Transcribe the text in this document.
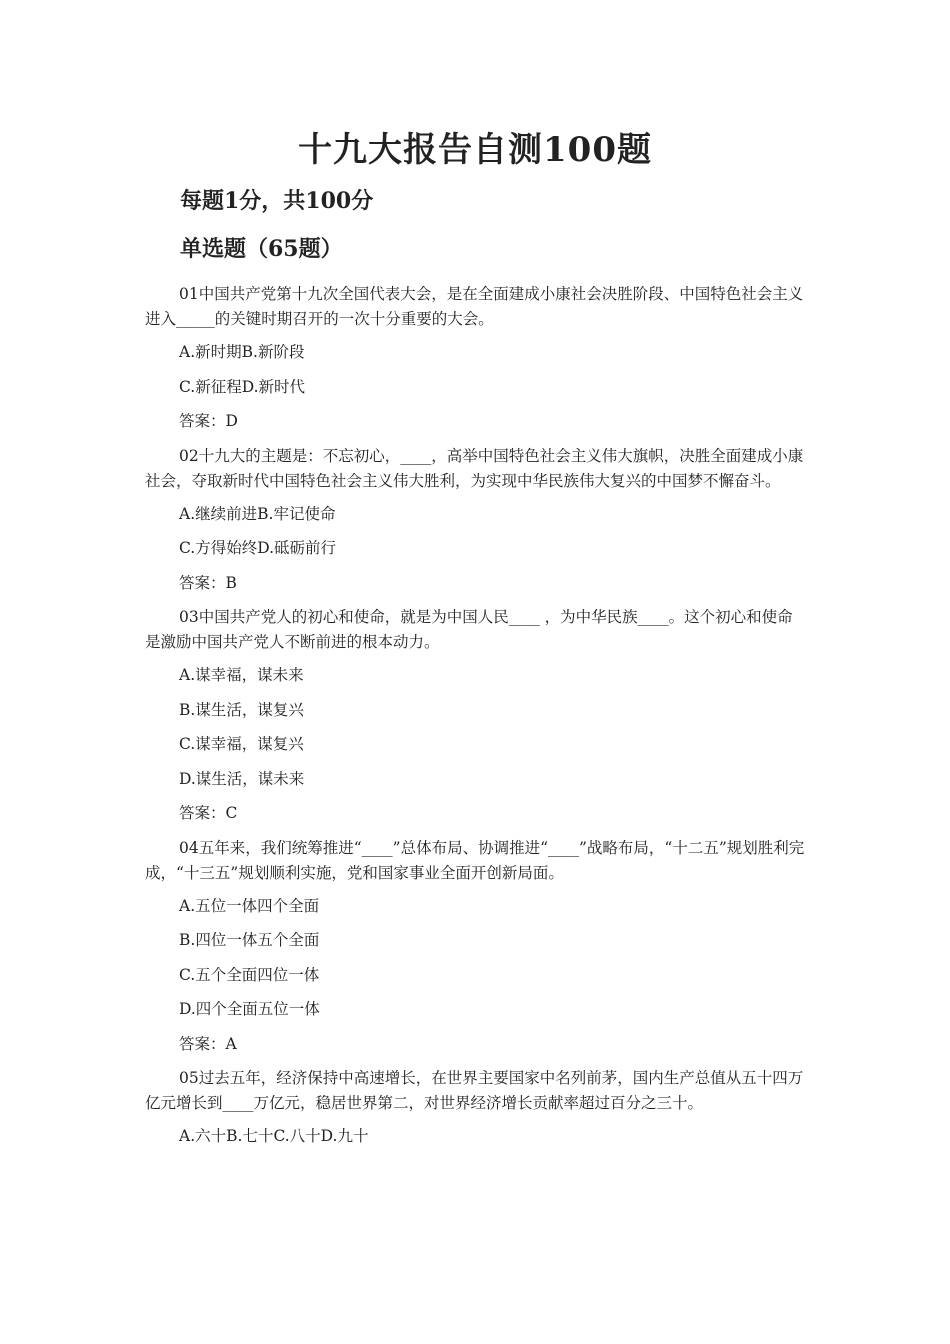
十九大报告自测100题
每题1分，共100分
单选题（65题）

01中国共产党第十九次全国代表大会，是在全面建成小康社会决胜阶段、中国特色社会主义进入_____的关键时期召开的一次十分重要的大会。

A.新时期B.新阶段

C.新征程D.新时代

答案：D

02十九大的主题是：不忘初心，____，高举中国特色社会主义伟大旗帜，决胜全面建成小康社会，夺取新时代中国特色社会主义伟大胜利，为实现中华民族伟大复兴的中国梦不懈奋斗。

A.继续前进B.牢记使命

C.方得始终D.砥砺前行

答案：B

03中国共产党人的初心和使命，就是为中国人民____ ，为中华民族____。这个初心和使命是激励中国共产党人不断前进的根本动力。

A.谋幸福，谋未来

B.谋生活，谋复兴

C.谋幸福，谋复兴

D.谋生活，谋未来

答案：C

04五年来，我们统筹推进“____”总体布局、协调推进“____”战略布局，“十二五”规划胜利完成，“十三五”规划顺利实施，党和国家事业全面开创新局面。

A.五位一体四个全面

B.四位一体五个全面

C.五个全面四位一体

D.四个全面五位一体

答案：A

05过去五年，经济保持中高速增长，在世界主要国家中名列前茅，国内生产总值从五十四万亿元增长到____万亿元，稳居世界第二，对世界经济增长贡献率超过百分之三十。

A.六十B.七十C.八十D.九十
